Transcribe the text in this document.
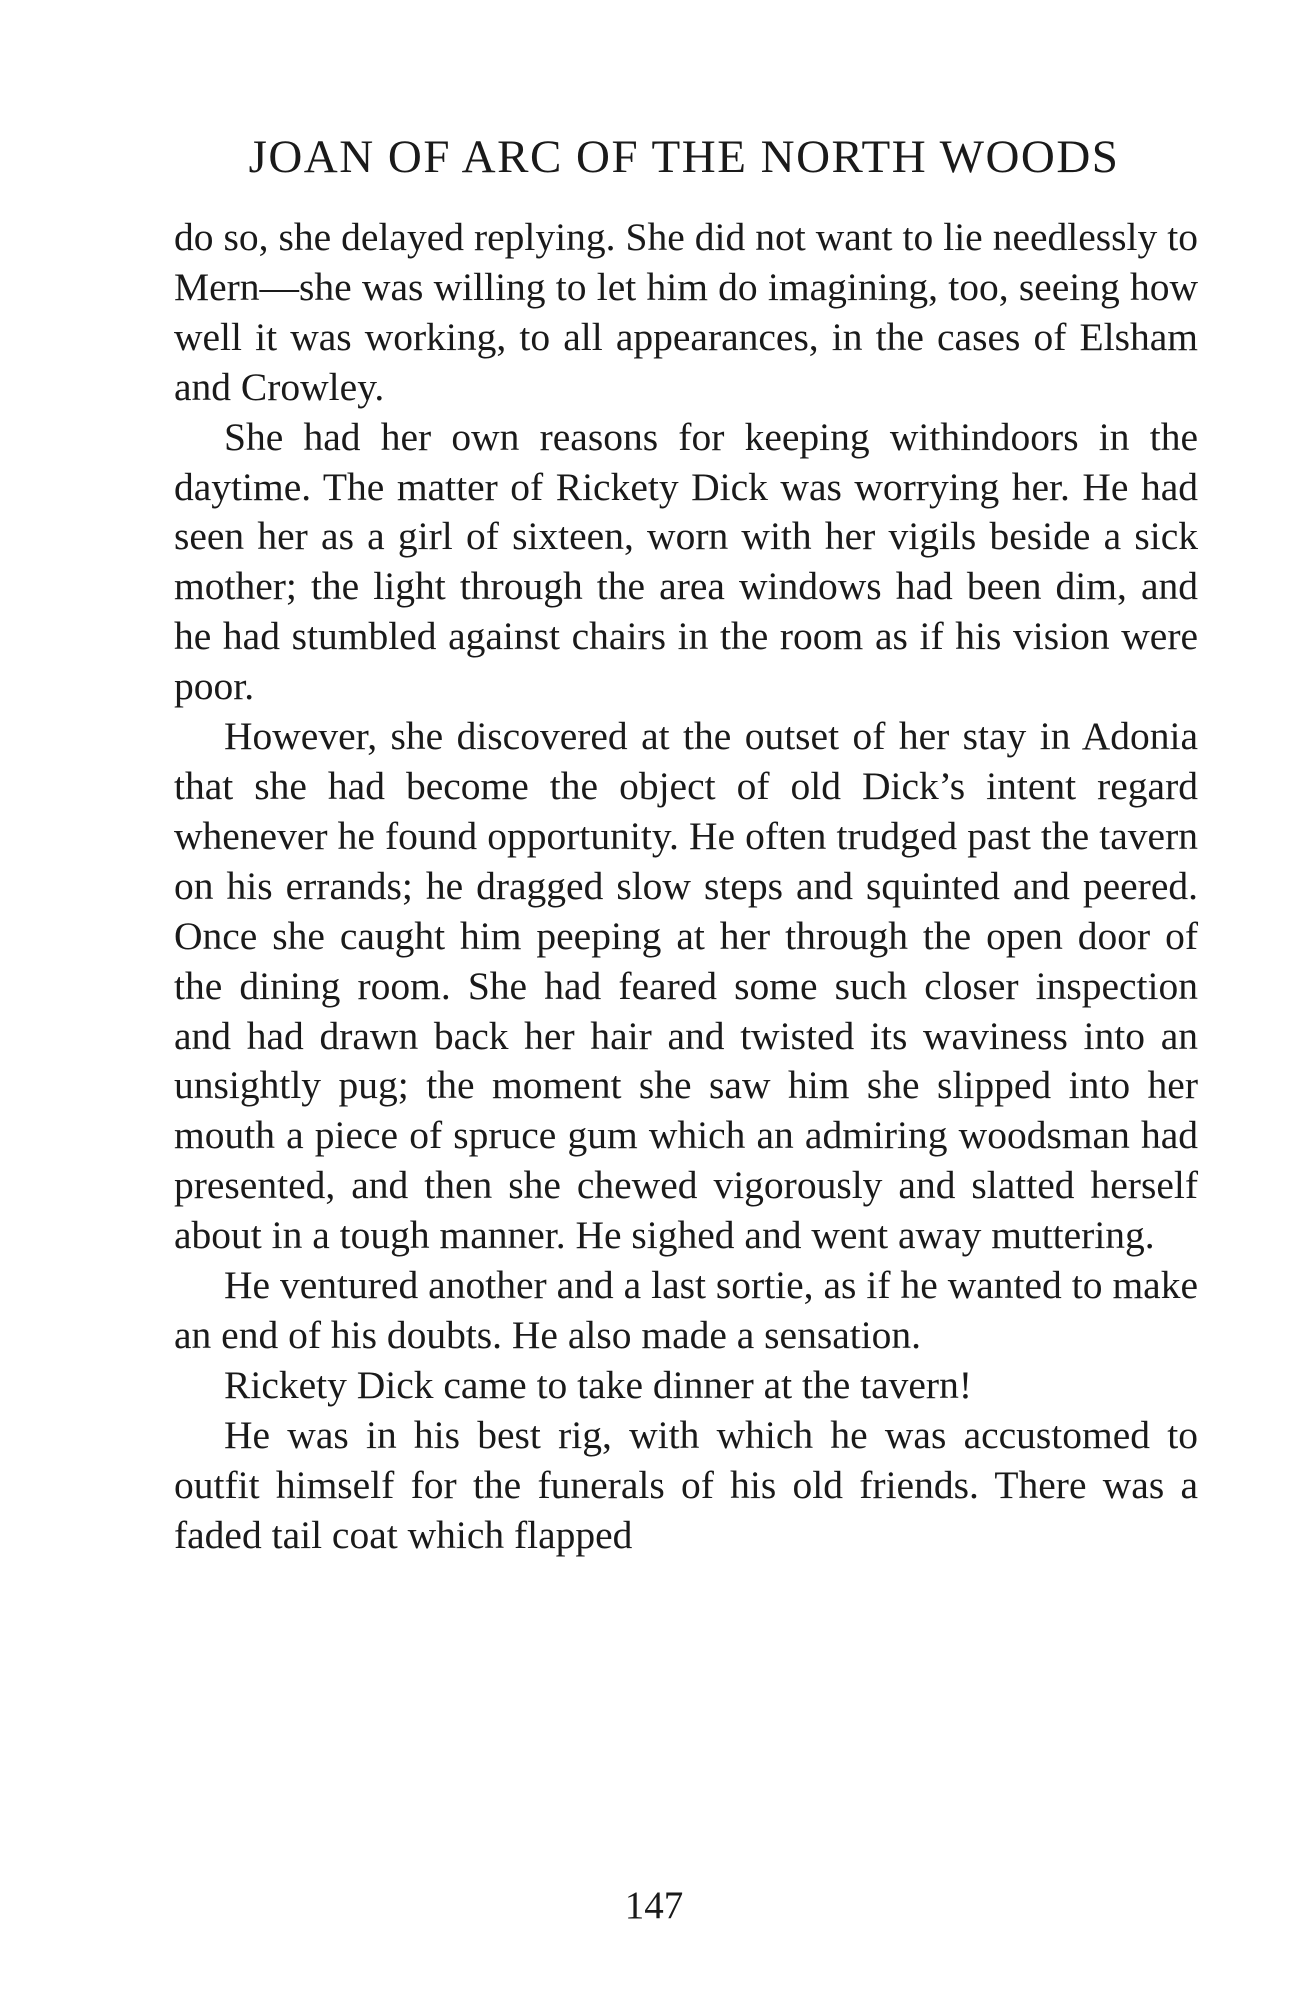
JOAN OF ARC OF THE NORTH WOODS

do so, she delayed replying. She did not want to lie needlessly to Mern—she was willing to let him do imagining, too, seeing how well it was working, to all appearances, in the cases of Elsham and Crowley.

She had her own reasons for keeping withindoors in the daytime. The matter of Rickety Dick was worrying her. He had seen her as a girl of sixteen, worn with her vigils beside a sick mother; the light through the area windows had been dim, and he had stumbled against chairs in the room as if his vision were poor.

However, she discovered at the outset of her stay in Adonia that she had become the object of old Dick’s intent regard whenever he found opportunity. He often trudged past the tavern on his errands; he dragged slow steps and squinted and peered. Once she caught him peeping at her through the open door of the dining room. She had feared some such closer inspection and had drawn back her hair and twisted its waviness into an unsightly pug; the moment she saw him she slipped into her mouth a piece of spruce gum which an admiring woodsman had presented, and then she chewed vigorously and slatted herself about in a tough manner. He sighed and went away muttering.

He ventured another and a last sortie, as if he wanted to make an end of his doubts. He also made a sensation.

Rickety Dick came to take dinner at the tavern!

He was in his best rig, with which he was accustomed to outfit himself for the funerals of his old friends. There was a faded tail coat which flapped

147
